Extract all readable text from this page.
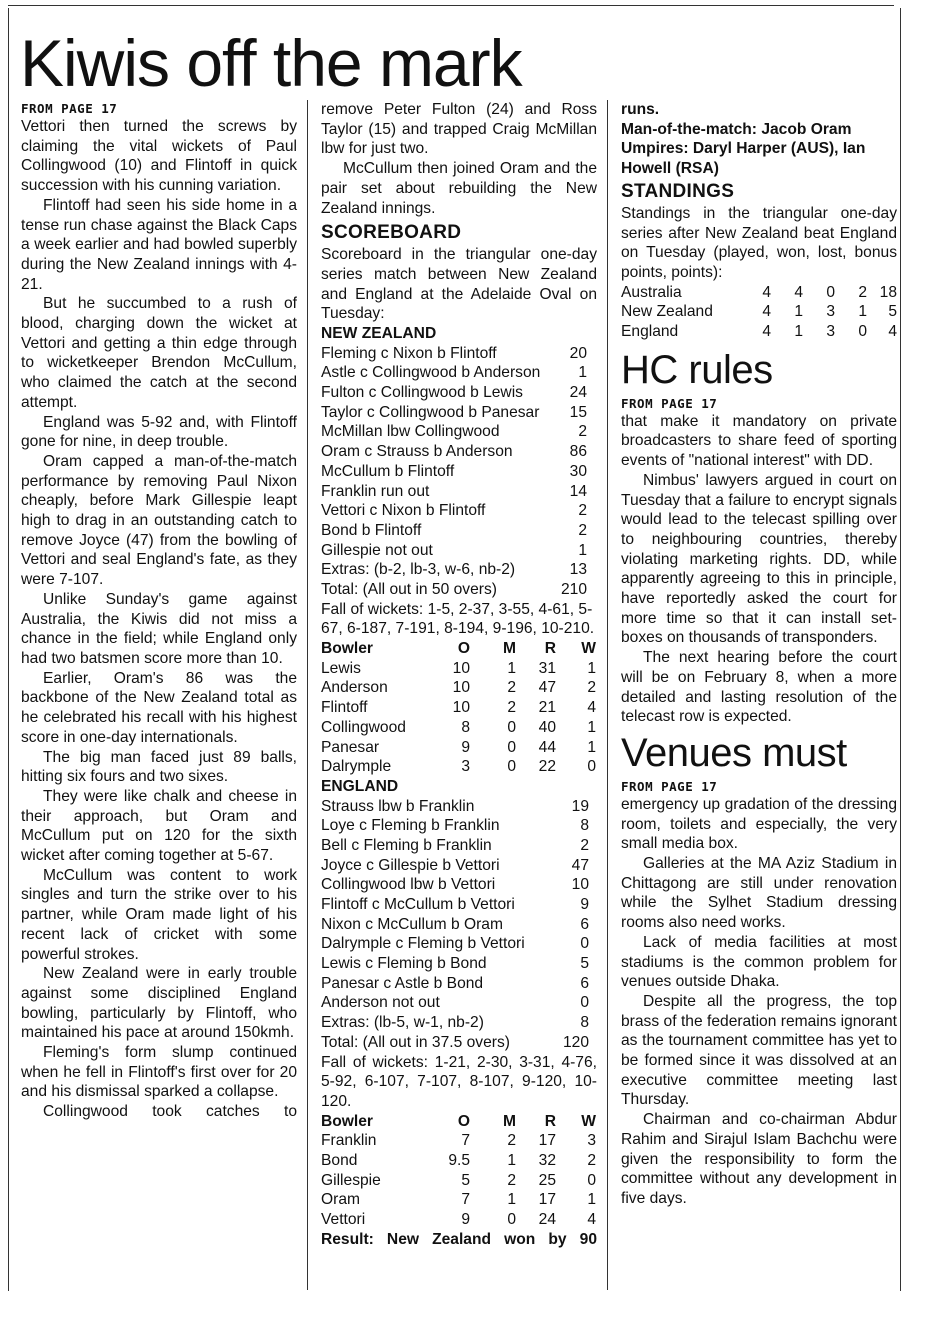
Kiwis off the mark
FROM PAGE 17

Vettori then turned the screws by claiming the vital wickets of Paul Collingwood (10) and Flintoff in quick succession with his cunning variation.

Flintoff had seen his side home in a tense run chase against the Black Caps a week earlier and had bowled superbly during the New Zealand innings with 4-21.

But he succumbed to a rush of blood, charging down the wicket at Vettori and getting a thin edge through to wicketkeeper Brendon McCullum, who claimed the catch at the second attempt.

England was 5-92 and, with Flintoff gone for nine, in deep trouble.

Oram capped a man-of-the-match performance by removing Paul Nixon cheaply, before Mark Gillespie leapt high to drag in an outstanding catch to remove Joyce (47) from the bowling of Vettori and seal England's fate, as they were 7-107.

Unlike Sunday's game against Australia, the Kiwis did not miss a chance in the field; while England only had two batsmen score more than 10.

Earlier, Oram's 86 was the backbone of the New Zealand total as he celebrated his recall with his highest score in one-day internationals.

The big man faced just 89 balls, hitting six fours and two sixes.

They were like chalk and cheese in their approach, but Oram and McCullum put on 120 for the sixth wicket after coming together at 5-67.

McCullum was content to work singles and turn the strike over to his partner, while Oram made light of his recent lack of cricket with some powerful strokes.

New Zealand were in early trouble against some disciplined England bowling, particularly by Flintoff, who maintained his pace at around 150kmh.

Fleming's form slump continued when he fell in Flintoff's first over for 20 and his dismissal sparked a collapse.

Collingwood took catches to

remove Peter Fulton (24) and Ross Taylor (15) and trapped Craig McMillan lbw for just two.

McCullum then joined Oram and the pair set about rebuilding the New Zealand innings.

SCOREBOARD

Scoreboard in the triangular one-day series match between New Zealand and England at the Adelaide Oval on Tuesday:

NEW ZEALAND
Fleming c Nixon b Flintoff	20
Astle c Collingwood b Anderson 1
Fulton c Collingwood b Lewis	24
Taylor c Collingwood b Panesar 15
McMillan lbw Collingwood	2
Oram c Strauss b Anderson	86
McCullum b Flintoff	30
Franklin run out	14
Vettori c Nixon b Flintoff	2
Bond b Flintoff	2
Gillespie not out	1
Extras: (b-2, lb-3, w-6, nb-2)	13
Total: (All out in 50 overs)	210

Fall of wickets: 1-5, 2-37, 3-55, 4-61, 5-67, 6-187, 7-191, 8-194, 9-196, 10-210.

Bowler	O M R W
Lewis	10 1 31 1
Anderson	10 2 47 2
Flintoff	10 2 21 4
Collingwood	8 0 40 1
Panesar	9 0 44 1
Dalrymple	3 0 22 0
ENGLAND
Strauss lbw b Franklin	19
Loye c Fleming b Franklin	8
Bell c Fleming b Franklin	2
Joyce c Gillespie b Vettori	47
Collingwood lbw b Vettori	10
Flintoff c McCullum b Vettori	9
Nixon c McCullum b Oram	6
Dalrymple c Fleming b Vettori	0
Lewis c Fleming b Bond	5
Panesar c Astle b Bond	6
Anderson not out	0
Extras: (lb-5, w-1, nb-2)	8
Total: (All out in 37.5 overs)	120

Fall of wickets: 1-21, 2-30, 3-31, 4-76, 5-92, 6-107, 7-107, 8-107, 9-120, 10-120.

Bowler	O M R W
Franklin	7 2 17 3
Bond	9.5 1 32 2
Gillespie	5 2 25 0
Oram	7 1 17 1
Vettori	9 0 24 4
Result: New Zealand won by 90
runs.
Man-of-the-match: Jacob Oram
Umpires: Daryl Harper (AUS), Ian Howell (RSA)
STANDINGS

Standings in the triangular one-day series after New Zealand beat England on Tuesday (played, won, lost, bonus points, points):

Australia	4 4 0 2 18
New Zealand	4 1 3 1 5
England	4 1 3 0 4
HC rules
FROM PAGE 17

that make it mandatory on private broadcasters to share feed of sporting events of "national interest" with DD.

Nimbus' lawyers argued in court on Tuesday that a failure to encrypt signals would lead to the telecast spilling over to neighbouring countries, thereby violating marketing rights. DD, while apparently agreeing to this in principle, have reportedly asked the court for more time so that it can install set-boxes on thousands of transponders.

The next hearing before the court will be on February 8, when a more detailed and lasting resolution of the telecast row is expected.

Venues must
FROM PAGE 17

emergency up gradation of the dressing room, toilets and especially, the very small media box.

Galleries at the MA Aziz Stadium in Chittagong are still under renovation while the Sylhet Stadium dressing rooms also need works.

Lack of media facilities at most stadiums is the common problem for venues outside Dhaka.

Despite all the progress, the top brass of the federation remains ignorant as the tournament committee has yet to be formed since it was dissolved at an executive committee meeting last Thursday.

Chairman and co-chairman Abdur Rahim and Sirajul Islam Bachchu were given the responsibility to form the committee without any development in five days.
